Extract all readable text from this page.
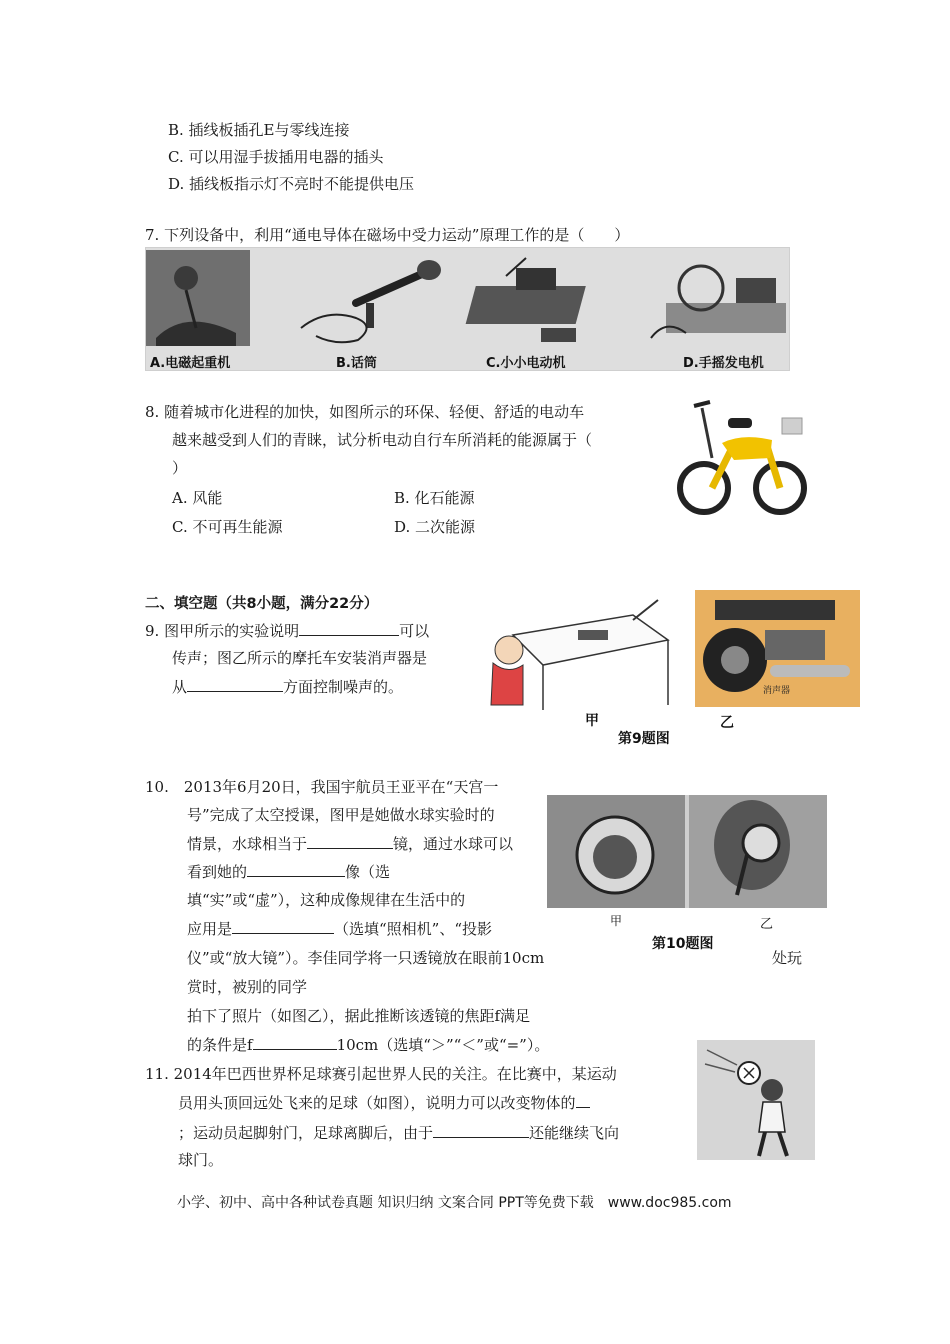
B. 插线板插孔E与零线连接
C. 可以用湿手拔插用电器的插头
D. 插线板指示灯不亮时不能提供电压
7. 下列设备中，利用“通电导体在磁场中受力运动”原理工作的是（　　）
A.电磁起重机	B.话筒	C.小小电动机	D.手摇发电机
8. 随着城市化进程的加快，如图所示的环保、轻便、舒适的电动车
越来越受到人们的青睐，试分析电动自行车所消耗的能源属于（
）
A. 风能	B. 化石能源
C. 不可再生能源	D. 二次能源
二、填空题（共8小题，满分22分）
9. 图甲所示的实验说明	可以
传声；图乙所示的摩托车安装消声器是
从	方面控制噪声的。	消声器
甲	乙
第9题图
10.　2013年6月20日，我国宇航员王亚平在“天宫一
号”完成了太空授课，图甲是她做水球实验时的
情景，水球相当于	镜，通过水球可以
看到她的	像（选
填“实”或“虚”），这种成像规律在生活中的
应用是	（选填“照相机”、“投影
仪”或“放大镜”）。李佳同学将一只透镜放在眼前10cm	处玩
赏时，被别的同学
拍下了照片（如图乙），据此推断该透镜的焦距f满足
的条件是f	10cm（选填“＞”“＜”或“=”）。
甲	乙
第10题图
11. 2014年巴西世界杯足球赛引起世界人民的关注。在比赛中，某运动
员用头顶回远处飞来的足球（如图），说明力可以改变物体的
；运动员起脚射门，足球离脚后，由于	还能继续飞向
球门。
小学、初中、高中各种试卷真题 知识归纳 文案合同 PPT等免费下载　www.doc985.com
